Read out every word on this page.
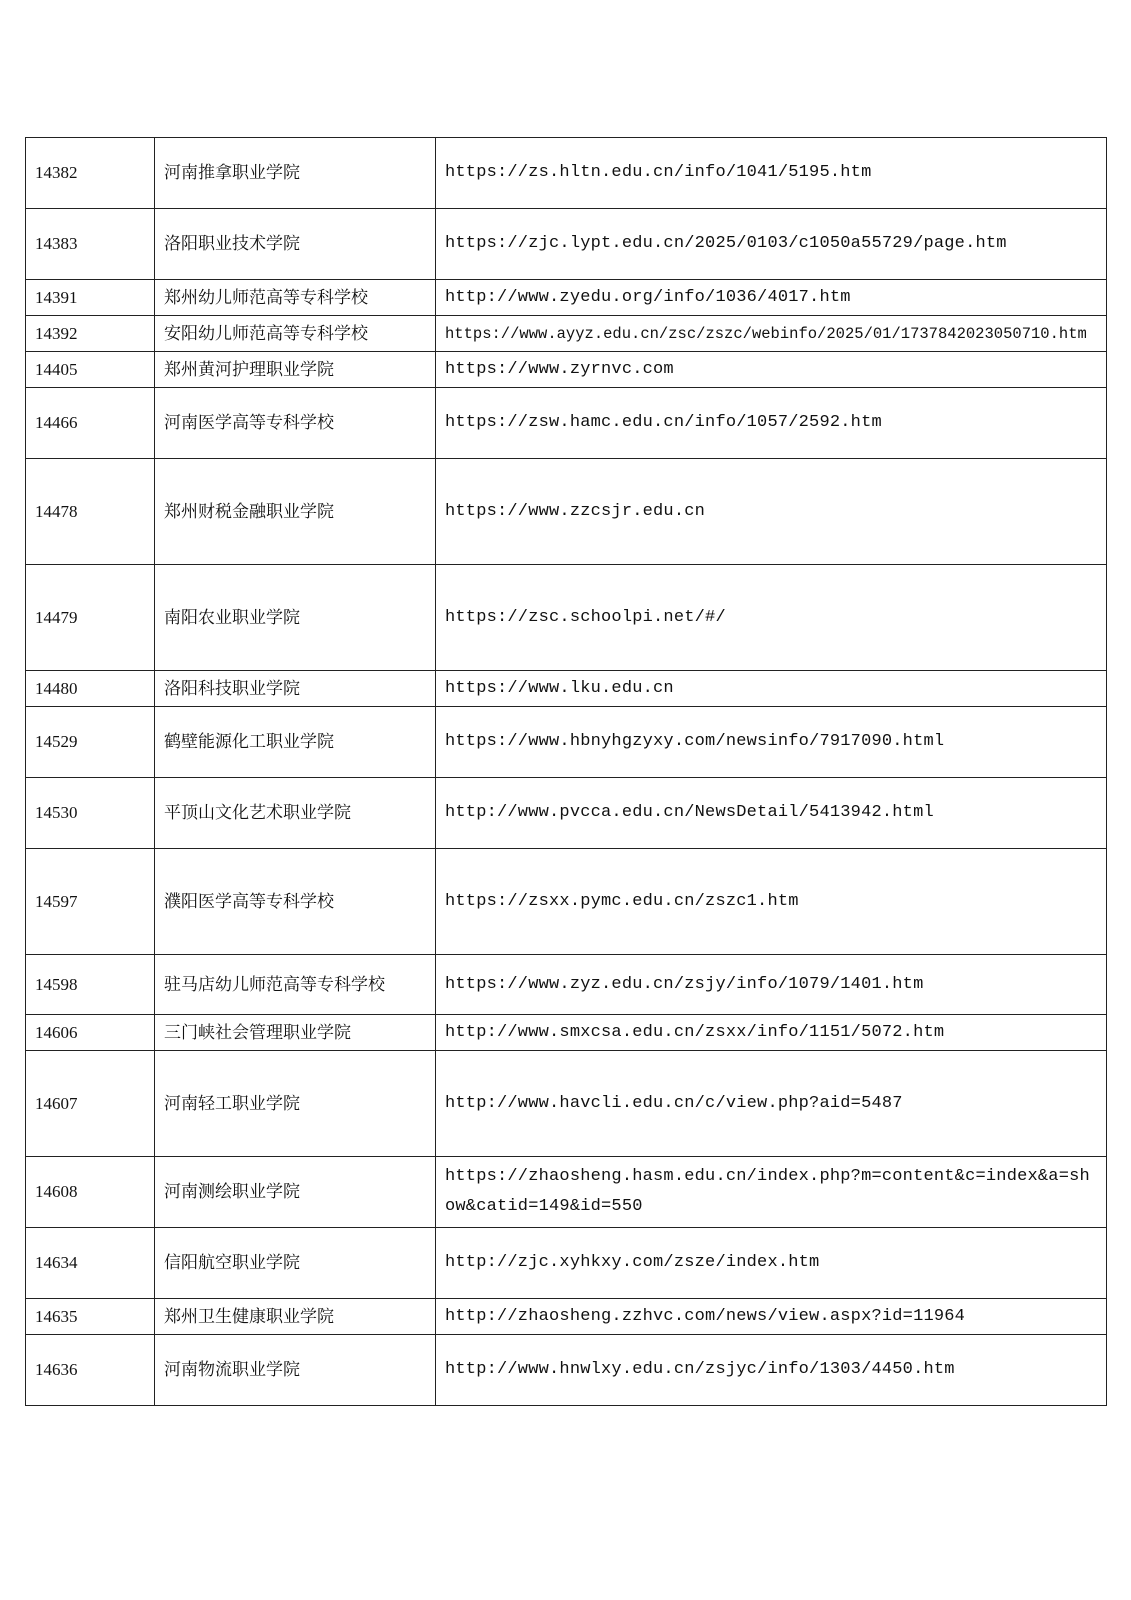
14382	河南推拿职业学院	https://zs.hltn.edu.cn/info/1041/5195.htm
14383	洛阳职业技术学院	https://zjc.lypt.edu.cn/2025/0103/c1050a55729/page.htm
14391	郑州幼儿师范高等专科学校	http://www.zyedu.org/info/1036/4017.htm
14392	安阳幼儿师范高等专科学校	https://www.ayyz.edu.cn/zsc/zszc/webinfo/2025/01/1737842023050710.htm
14405	郑州黄河护理职业学院	https://www.zyrnvc.com
14466	河南医学高等专科学校	https://zsw.hamc.edu.cn/info/1057/2592.htm
14478	郑州财税金融职业学院	https://www.zzcsjr.edu.cn
14479	南阳农业职业学院	https://zsc.schoolpi.net/#/
14480	洛阳科技职业学院	https://www.lku.edu.cn
14529	鹤壁能源化工职业学院	https://www.hbnyhgzyxy.com/newsinfo/7917090.html
14530	平顶山文化艺术职业学院	http://www.pvcca.edu.cn/NewsDetail/5413942.html
14597	濮阳医学高等专科学校	https://zsxx.pymc.edu.cn/zszc1.htm
14598	驻马店幼儿师范高等专科学校	https://www.zyz.edu.cn/zsjy/info/1079/1401.htm
14606	三门峡社会管理职业学院	http://www.smxcsa.edu.cn/zsxx/info/1151/5072.htm
14607	河南轻工职业学院	http://www.havcli.edu.cn/c/view.php?aid=5487
14608	河南测绘职业学院	https://zhaosheng.hasm.edu.cn/index.php?m=content&c=index&a=show&catid=149&id=550
14634	信阳航空职业学院	http://zjc.xyhkxy.com/zsze/index.htm
14635	郑州卫生健康职业学院	http://zhaosheng.zzhvc.com/news/view.aspx?id=11964
14636	河南物流职业学院	http://www.hnwlxy.edu.cn/zsjyc/info/1303/4450.htm
